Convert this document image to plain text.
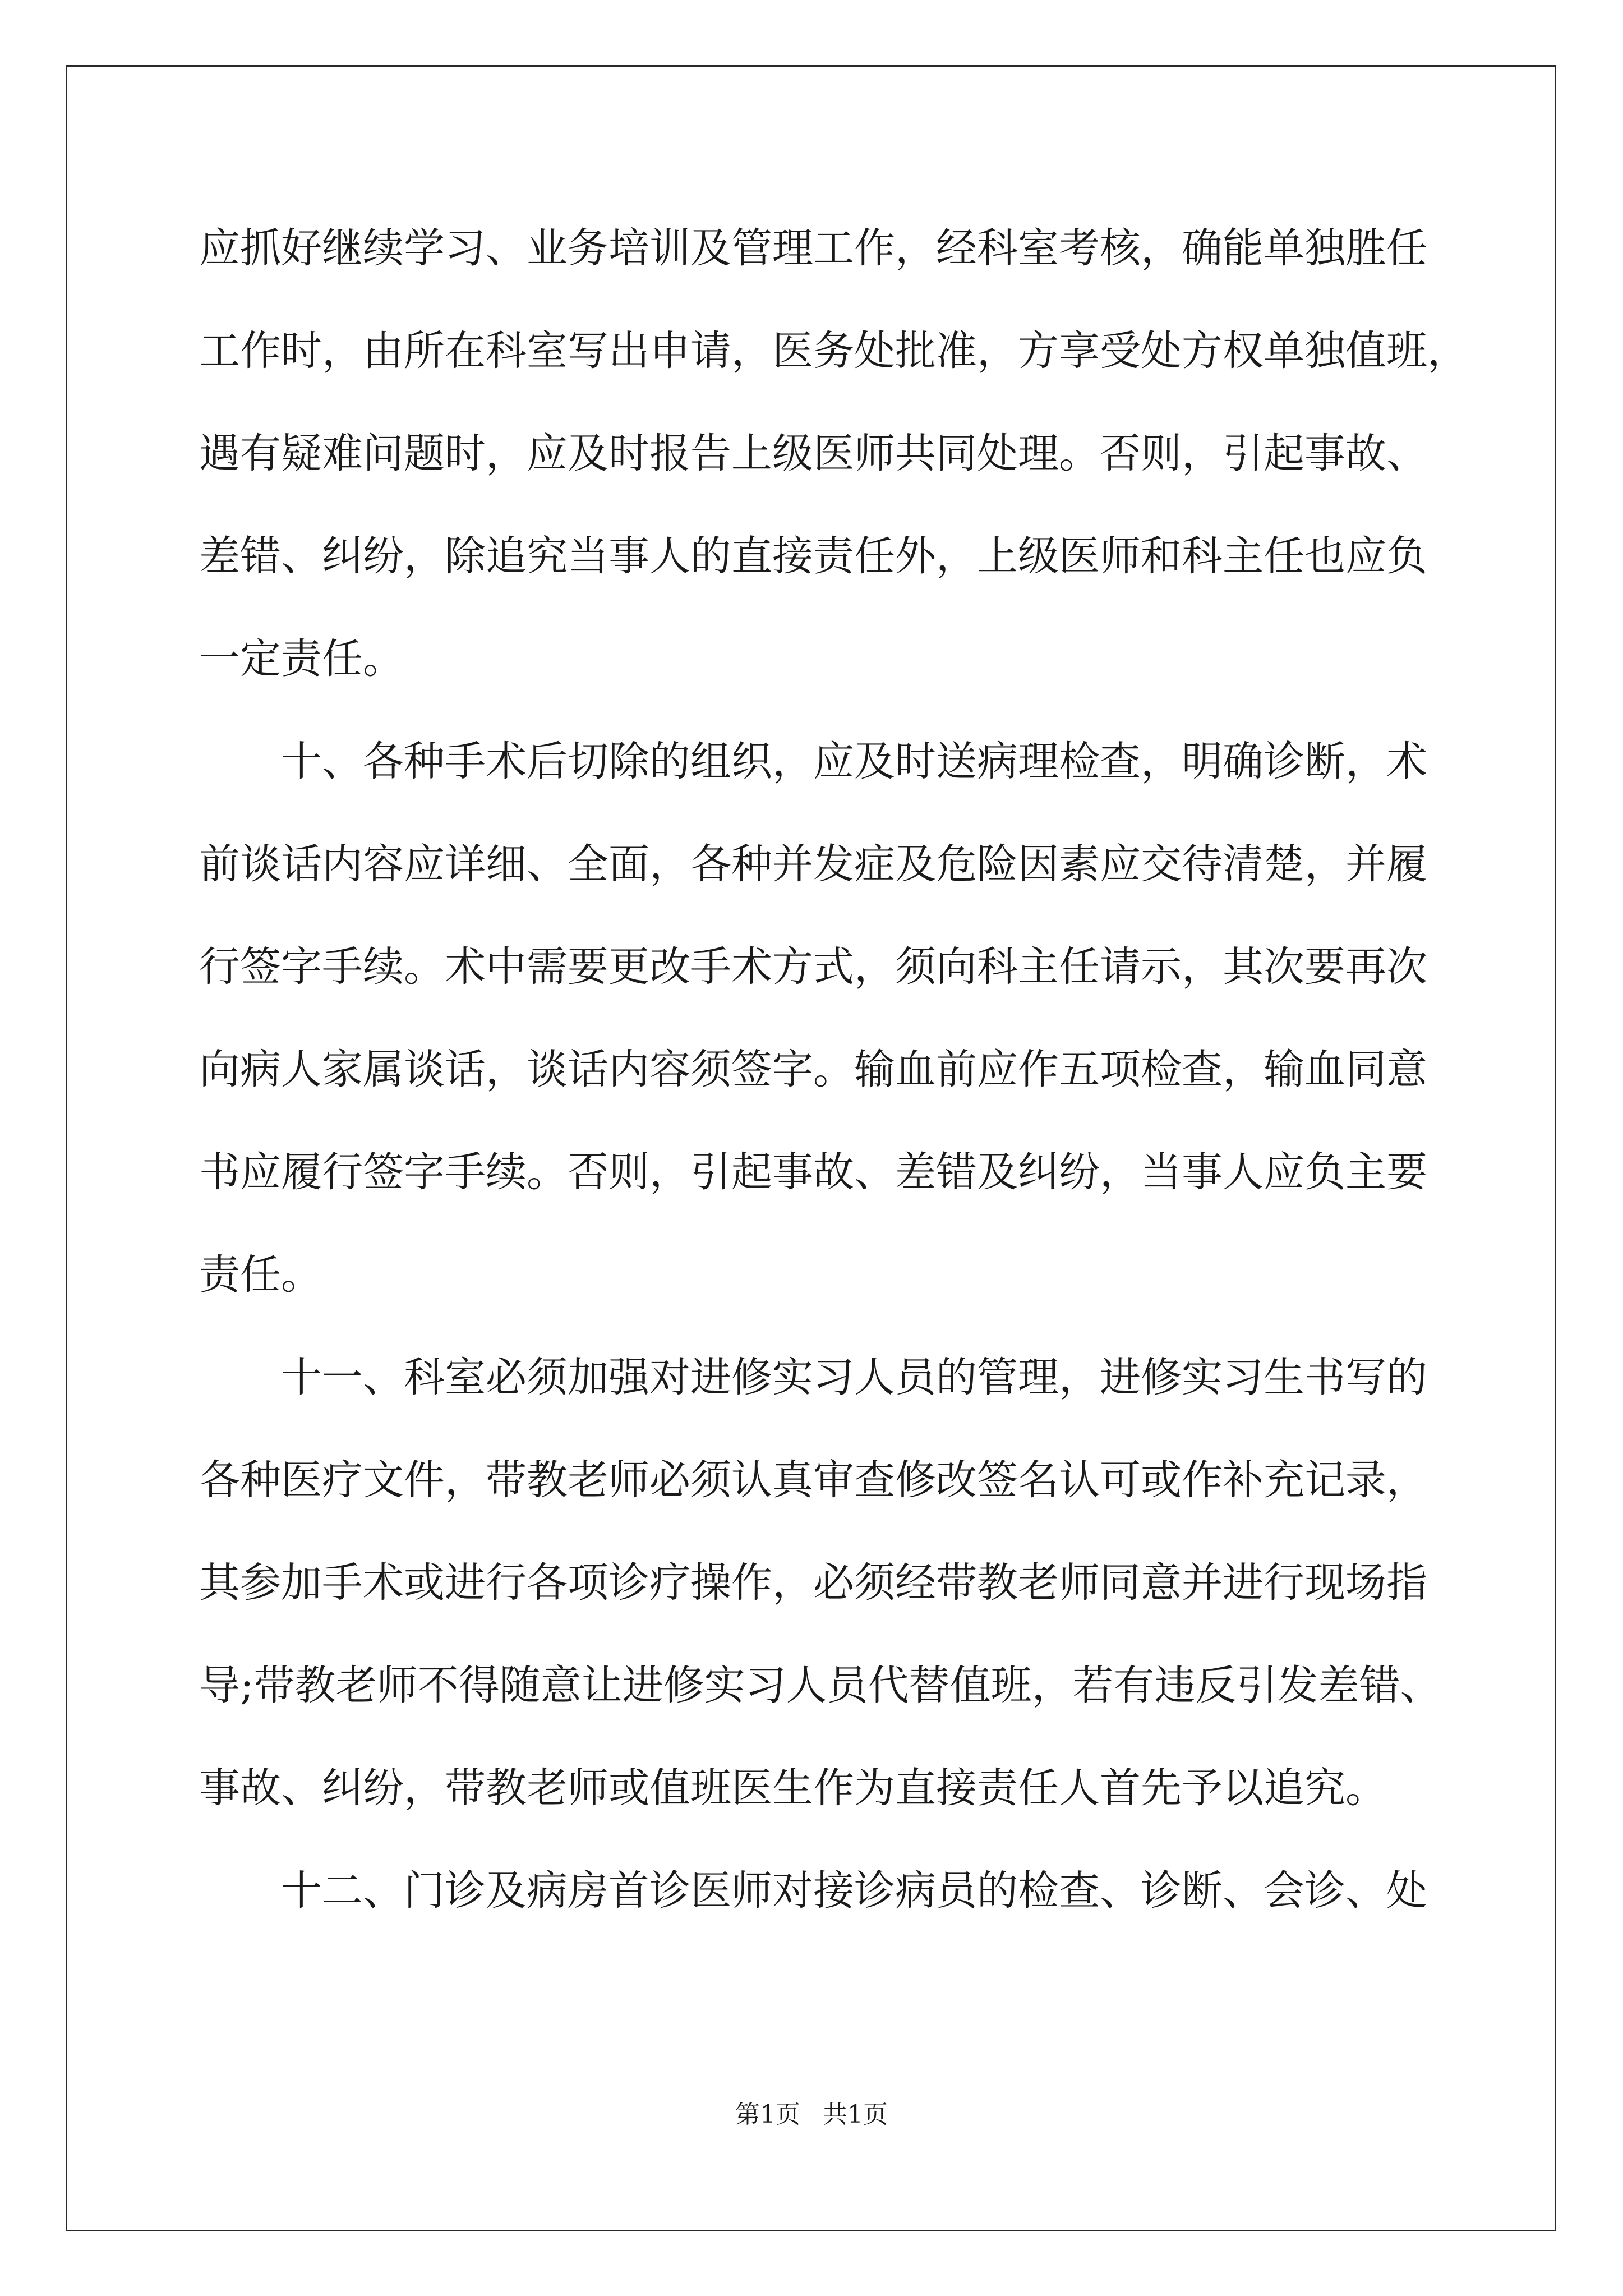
应抓好继续学习、业务培训及管理工作，经科室考核，确能单独胜任
工作时，由所在科室写出申请，医务处批准，方享受处方权单独值班，
遇有疑难问题时，应及时报告上级医师共同处理。否则，引起事故、
差错、纠纷，除追究当事人的直接责任外，上级医师和科主任也应负
一定责任。
十、各种手术后切除的组织，应及时送病理检查，明确诊断，术
前谈话内容应详细、全面，各种并发症及危险因素应交待清楚，并履
行签字手续。术中需要更改手术方式，须向科主任请示，其次要再次
向病人家属谈话，谈话内容须签字。输血前应作五项检查，输血同意
书应履行签字手续。否则，引起事故、差错及纠纷，当事人应负主要
责任。
十一、科室必须加强对进修实习人员的管理，进修实习生书写的
各种医疗文件，带教老师必须认真审查修改签名认可或作补充记录，
其参加手术或进行各项诊疗操作，必须经带教老师同意并进行现场指
导;带教老师不得随意让进修实习人员代替值班，若有违反引发差错、
事故、纠纷，带教老师或值班医生作为直接责任人首先予以追究。
十二、门诊及病房首诊医师对接诊病员的检查、诊断、会诊、处
第1页 共1页
